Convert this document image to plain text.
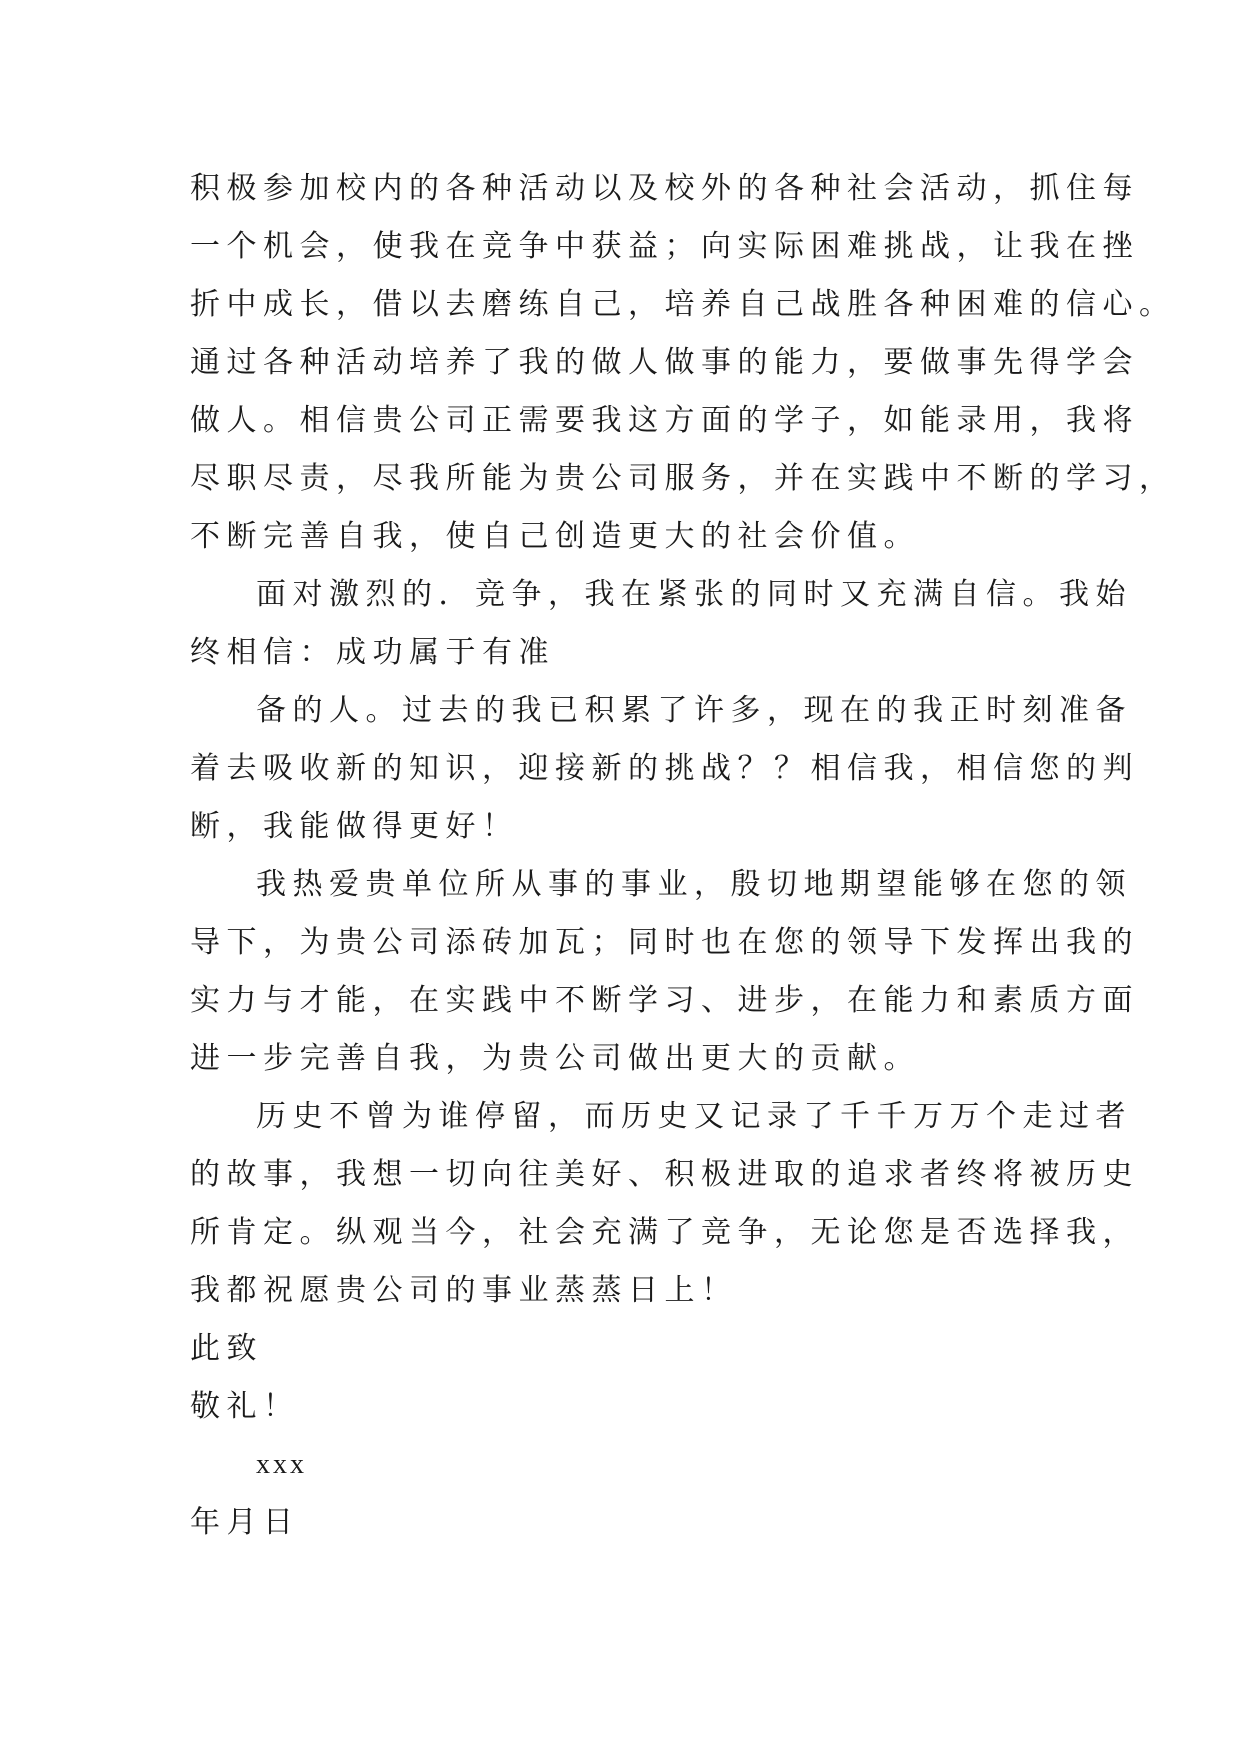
积极参加校内的各种活动以及校外的各种社会活动，抓住每

一个机会，使我在竞争中获益；向实际困难挑战，让我在挫

折中成长，借以去磨练自己，培养自己战胜各种困难的信心。

通过各种活动培养了我的做人做事的能力，要做事先得学会

做人。相信贵公司正需要我这方面的学子，如能录用，我将

尽职尽责，尽我所能为贵公司服务，并在实践中不断的学习，

不断完善自我，使自己创造更大的社会价值。

面对激烈的．竞争，我在紧张的同时又充满自信。我始

终相信：成功属于有准

备的人。过去的我已积累了许多，现在的我正时刻准备

着去吸收新的知识，迎接新的挑战？？相信我，相信您的判

断，我能做得更好！

我热爱贵单位所从事的事业，殷切地期望能够在您的领

导下，为贵公司添砖加瓦；同时也在您的领导下发挥出我的

实力与才能，在实践中不断学习、进步，在能力和素质方面

进一步完善自我，为贵公司做出更大的贡献。

历史不曾为谁停留，而历史又记录了千千万万个走过者

的故事，我想一切向往美好、积极进取的追求者终将被历史

所肯定。纵观当今，社会充满了竞争，无论您是否选择我，

我都祝愿贵公司的事业蒸蒸日上！

此致

敬礼！

xxx

年月日
